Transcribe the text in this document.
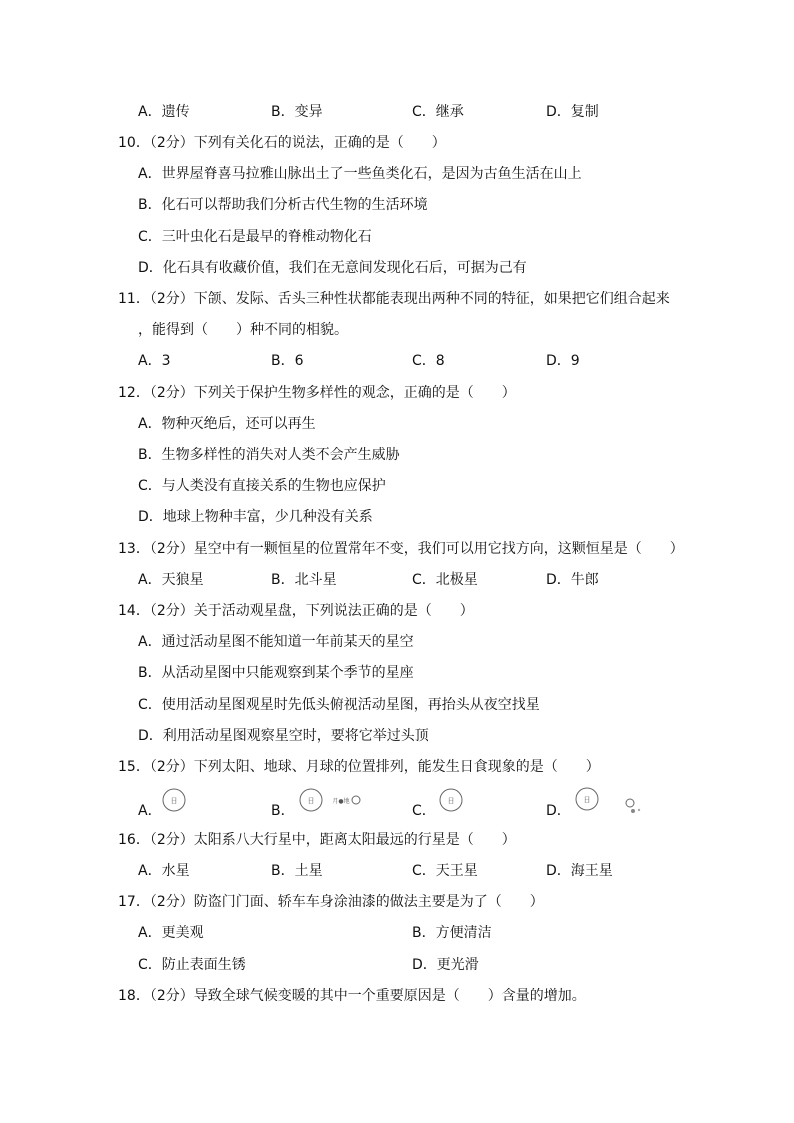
A．遗传	B．变异	C．继承	D．复制
10．（2分）下列有关化石的说法，正确的是（　　）
A．世界屋脊喜马拉雅山脉出土了一些鱼类化石，是因为古鱼生活在山上
B．化石可以帮助我们分析古代生物的生活环境
C．三叶虫化石是最早的脊椎动物化石
D．化石具有收藏价值，我们在无意间发现化石后，可据为己有
11．（2分）下颌、发际、舌头三种性状都能表现出两种不同的特征，如果把它们组合起来
，能得到（　　）种不同的相貌。
A．3	B．6	C．8	D．9
12．（2分）下列关于保护生物多样性的观念，正确的是（　　）
A．物种灭绝后，还可以再生
B．生物多样性的消失对人类不会产生威胁
C．与人类没有直接关系的生物也应保护
D．地球上物种丰富，少几种没有关系
13．（2分）星空中有一颗恒星的位置常年不变，我们可以用它找方向，这颗恒星是（　　）
A．天狼星	B．北斗星	C．北极星	D．牛郎
14．（2分）关于活动观星盘，下列说法正确的是（　　）
A．通过活动星图不能知道一年前某天的星空
B．从活动星图中只能观察到某个季节的星座
C．使用活动星图观星时先低头俯视活动星图，再抬头从夜空找星
D．利用活动星图观察星空时，要将它举过头顶
15．（2分）下列太阳、地球、月球的位置排列，能发生日食现象的是（　　）
A．	B．	C．	D．
日	日	月●地	日	日
16．（2分）太阳系八大行星中，距离太阳最远的行星是（　　）
A．水星	B．土星	C．天王星	D．海王星
17．（2分）防盗门门面、轿车车身涂油漆的做法主要是为了（　　）
A．更美观	B．方便清洁
C．防止表面生锈	D．更光滑
18．（2分）导致全球气候变暖的其中一个重要原因是（　　）含量的增加。
